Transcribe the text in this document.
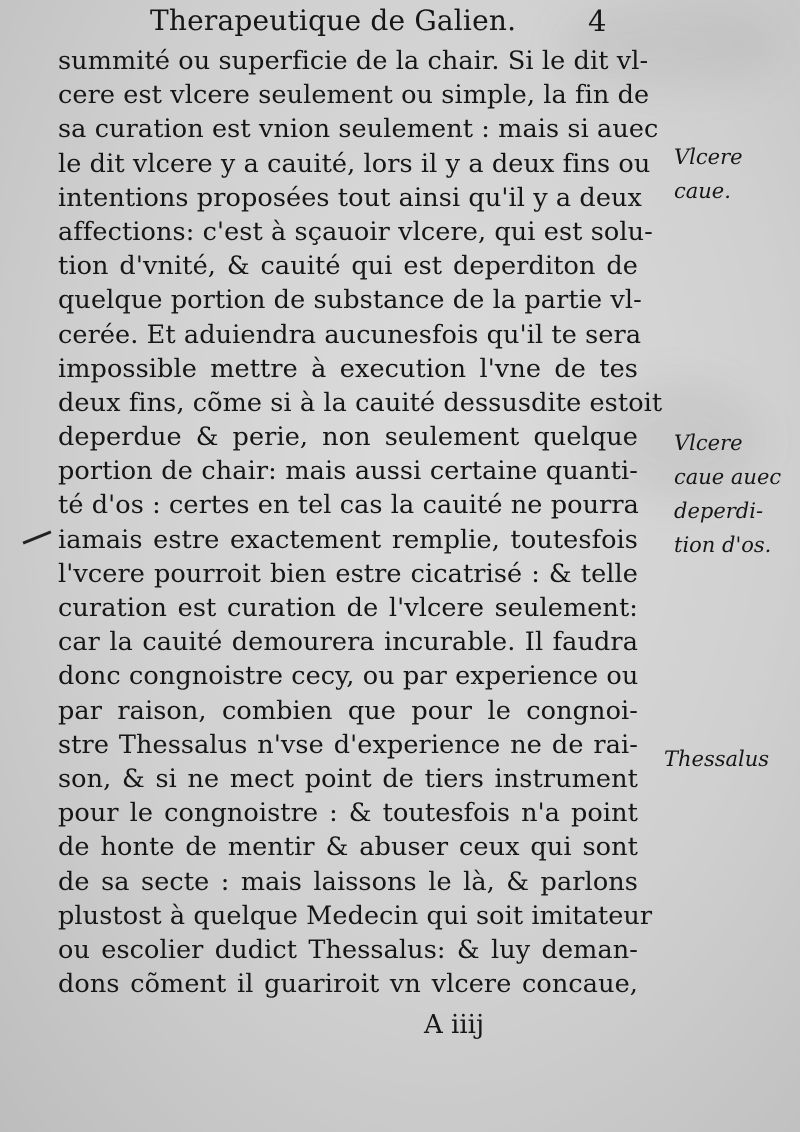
Therapeutique de Galien. 4
summité ou superficie de la chair. Si le dit vl-
cere est vlcere seulement ou simple, la fin de
sa curation est vnion seulement : mais si auec
le dit vlcere y a cauité, lors il y a deux fins ou
intentions proposées tout ainsi qu'il y a deux
affections: c'est à sçauoir vlcere, qui est solu-
tion d'vnité, & cauité qui est deperditon de
quelque portion de substance de la partie vl-
cerée. Et aduiendra aucunesfois qu'il te sera
impossible mettre à execution l'vne de tes
deux fins, cõme si à la cauité dessusdite estoit
deperdue & perie, non seulement quelque
portion de chair: mais aussi certaine quanti-
té d'os : certes en tel cas la cauité ne pourra
iamais estre exactement remplie, toutesfois
l'vcere pourroit bien estre cicatrisé : & telle
curation est curation de l'vlcere seulement:
car la cauité demourera incurable. Il faudra
donc congnoistre cecy, ou par experience ou
par raison, combien que pour le congnoi-
stre Thessalus n'vse d'experience ne de rai-
son, & si ne mect point de tiers instrument
pour le congnoistre : & toutesfois n'a point
de honte de mentir & abuser ceux qui sont
de sa secte : mais laissons le là, & parlons
plustost à quelque Medecin qui soit imitateur
ou escolier dudict Thessalus: & luy deman-
dons cõment il guariroit vn vlcere concaue,
Vlcere
caue.
Vlcere
caue auec
deperdi-
tion d'os.
Thessalus
A iiij
